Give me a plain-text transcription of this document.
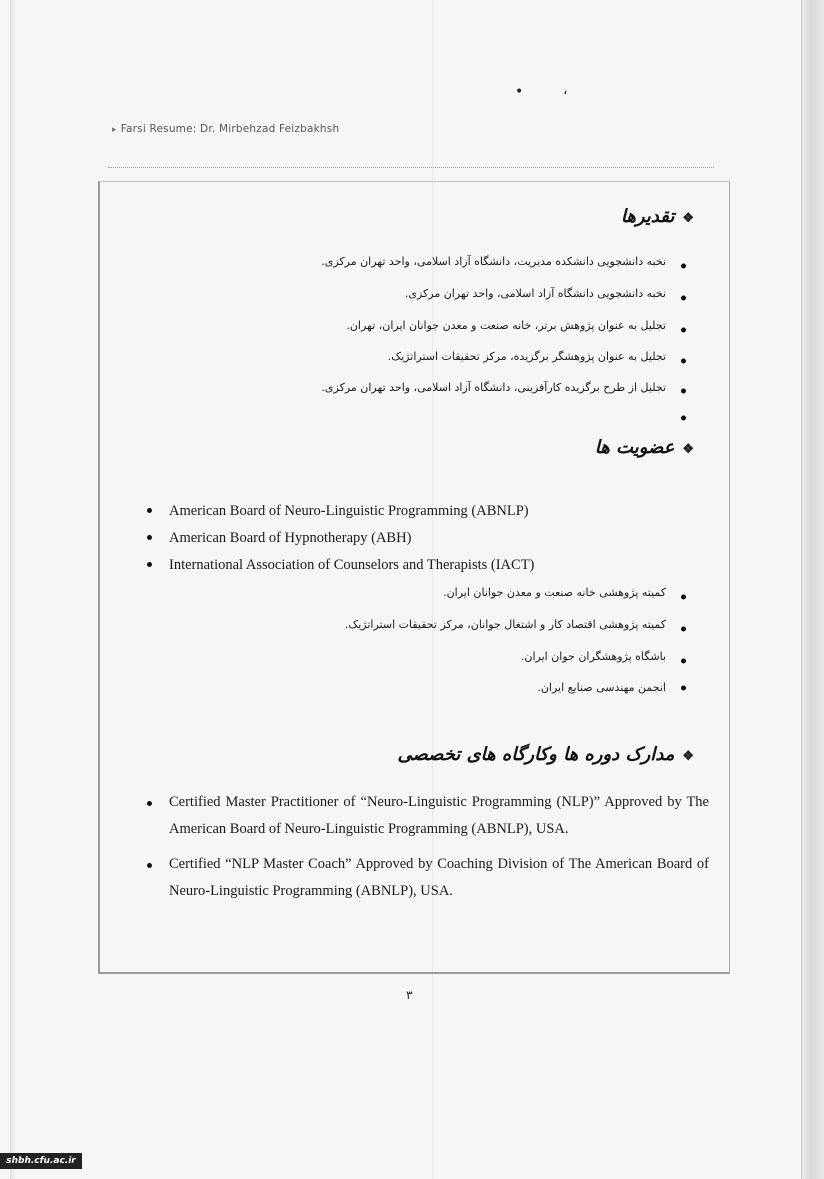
•	،
▸ Farsi Resume: Dr. Mirbehzad Feizbakhsh
❖تقدیرها
نخبه دانشجویی دانشکده مدیریت، دانشگاه آزاد اسلامی، واحد تهران مرکزی.
نخبه دانشجویی دانشگاه آزاد اسلامی، واحد تهران مرکزی.
تجلیل به عنوان پژوهش برتر، خانه صنعت و معدن جوانان ایران، تهران.
تجلیل به عنوان پژوهشگر برگزیده، مرکز تحقیقات استراتژیک.
تجلیل از طرح برگزیده کارآفرینی، دانشگاه آزاد اسلامی، واحد تهران مرکزی.
❖عضویت ها
American Board of Neuro-Linguistic Programming (ABNLP)
American Board of Hypnotherapy (ABH)
International Association of Counselors and Therapists (IACT)
کمیته پژوهشی خانه صنعت و معدن جوانان ایران.
کمیته پژوهشی اقتصاد کار و اشتغال جوانان، مرکز تحقیقات استراتژیک.
باشگاه پژوهشگران جوان ایران.
انجمن مهندسی صنایع ایران.
❖مدارک دوره ها وکارگاه های تخصصی
Certified Master Practitioner of “Neuro-Linguistic Programming (NLP)” Approved by The American Board of Neuro-Linguistic Programming (ABNLP), USA.
Certified “NLP Master Coach” Approved by Coaching Division of The American Board of Neuro-Linguistic Programming (ABNLP), USA.
۳
shbh.cfu.ac.ir
